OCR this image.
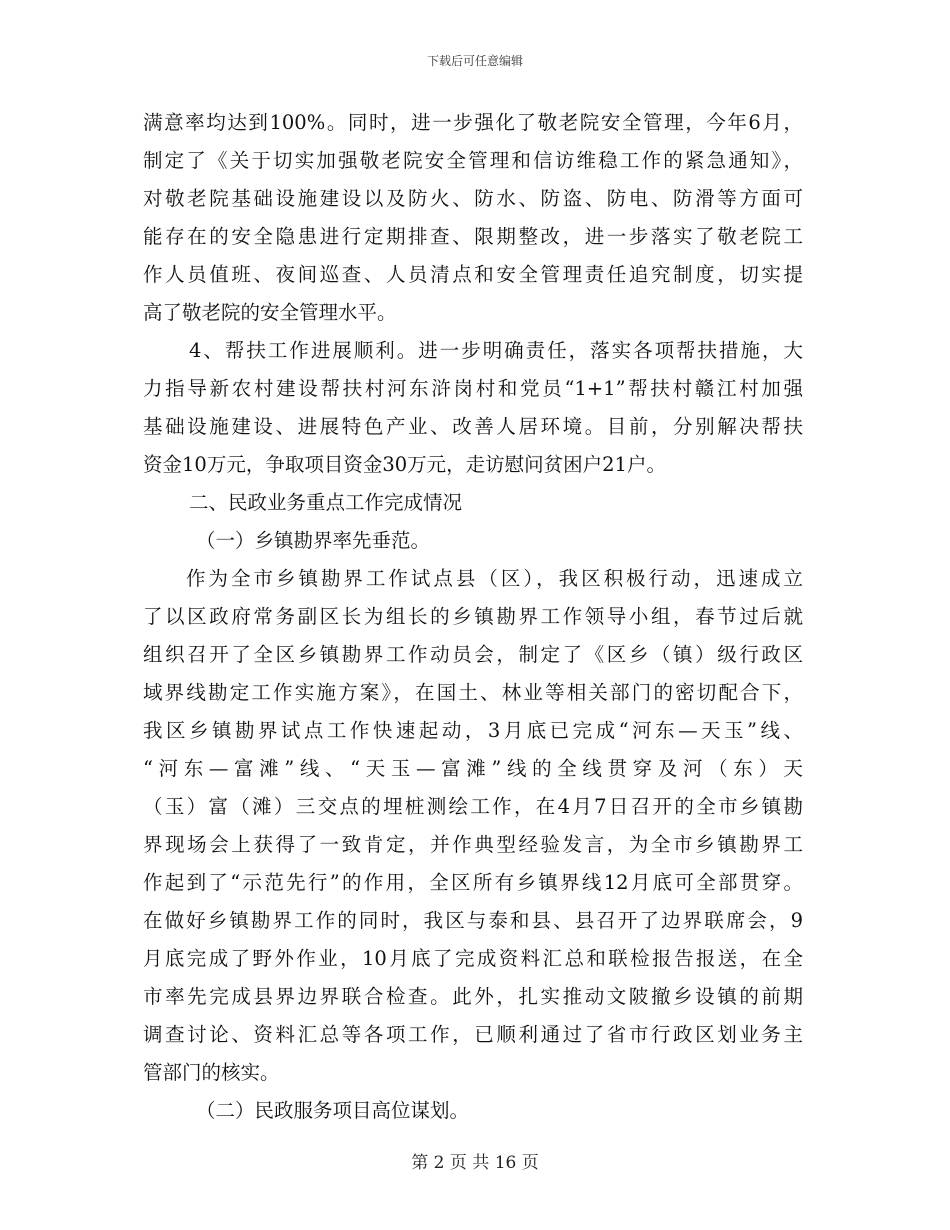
下载后可任意编辑
满意率均达到100%。同时，进一步强化了敬老院安全管理，今年6月，
制定了《关于切实加强敬老院安全管理和信访维稳工作的紧急通知》，
对敬老院基础设施建设以及防火、防水、防盗、防电、防滑等方面可
能存在的安全隐患进行定期排查、限期整改，进一步落实了敬老院工
作人员值班、夜间巡查、人员清点和安全管理责任追究制度，切实提
高了敬老院的安全管理水平。
4、帮扶工作进展顺利。进一步明确责任，落实各项帮扶措施，大
力指导新农村建设帮扶村河东浒岗村和党员“1+1”帮扶村赣江村加强
基础设施建设、进展特色产业、改善人居环境。目前，分别解决帮扶
资金10万元，争取项目资金30万元，走访慰问贫困户21户。
二、民政业务重点工作完成情况
（一）乡镇勘界率先垂范。
作为全市乡镇勘界工作试点县（区），我区积极行动，迅速成立
了以区政府常务副区长为组长的乡镇勘界工作领导小组，春节过后就
组织召开了全区乡镇勘界工作动员会，制定了《区乡（镇）级行政区
域界线勘定工作实施方案》，在国土、林业等相关部门的密切配合下，
我区乡镇勘界试点工作快速起动，3月底已完成“河东—天玉”线、
“河东—富滩”线、“天玉—富滩”线的全线贯穿及河（东）天
（玉）富（滩）三交点的埋桩测绘工作，在4月7日召开的全市乡镇勘
界现场会上获得了一致肯定，并作典型经验发言，为全市乡镇勘界工
作起到了“示范先行”的作用，全区所有乡镇界线12月底可全部贯穿。
在做好乡镇勘界工作的同时，我区与泰和县、县召开了边界联席会，9
月底完成了野外作业，10月底了完成资料汇总和联检报告报送，在全
市率先完成县界边界联合检查。此外，扎实推动文陂撤乡设镇的前期
调查讨论、资料汇总等各项工作，已顺利通过了省市行政区划业务主
管部门的核实。
（二）民政服务项目高位谋划。
第 2 页 共 16 页
